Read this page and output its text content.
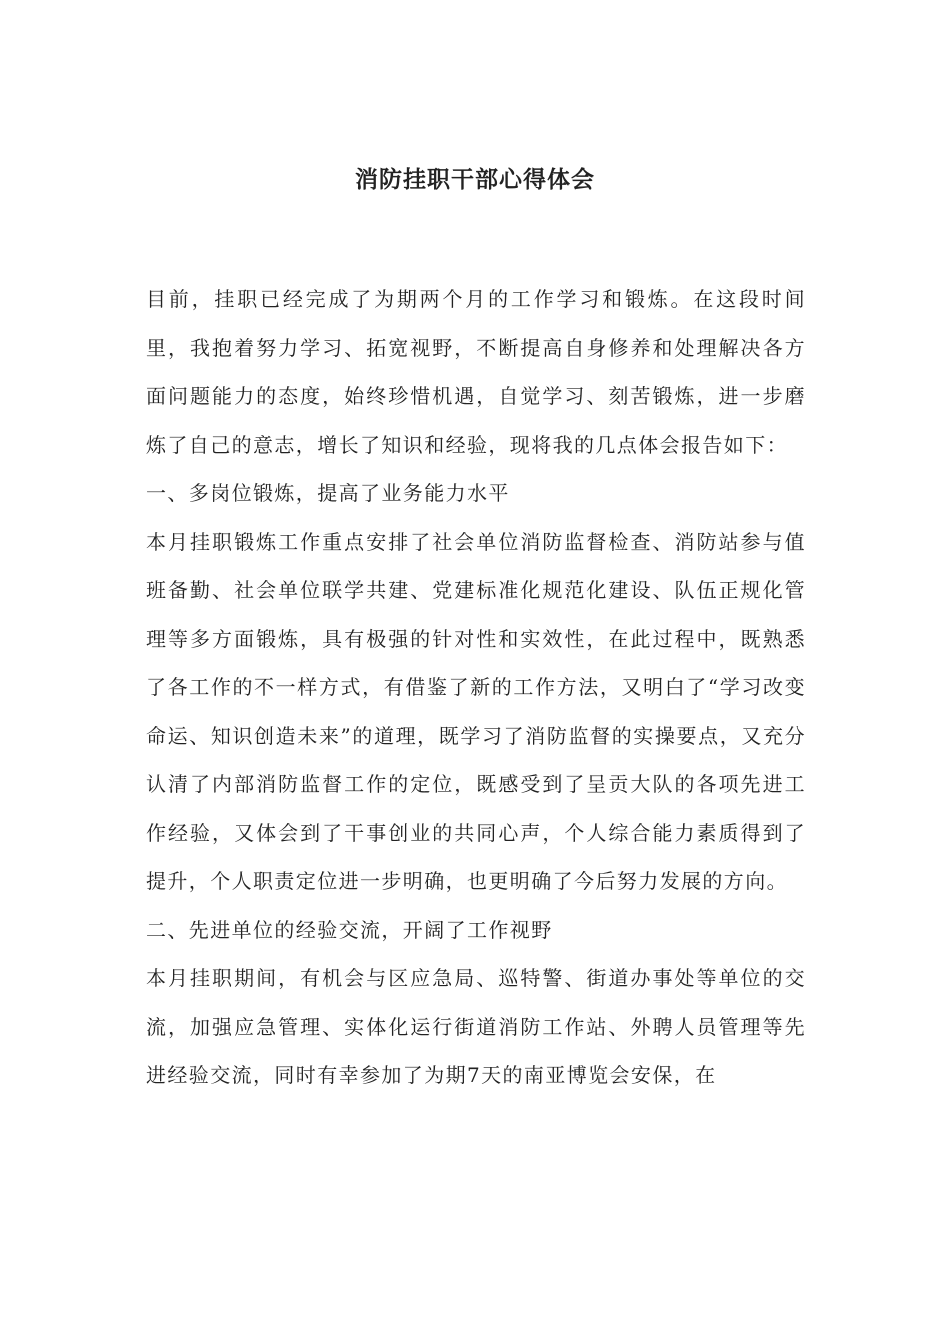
消防挂职干部心得体会

目前，挂职已经完成了为期两个月的工作学习和锻炼。在这段时间里，我抱着努力学习、拓宽视野，不断提高自身修养和处理解决各方面问题能力的态度，始终珍惜机遇，自觉学习、刻苦锻炼，进一步磨炼了自己的意志，增长了知识和经验，现将我的几点体会报告如下：

一、多岗位锻炼，提高了业务能力水平

本月挂职锻炼工作重点安排了社会单位消防监督检查、消防站参与值班备勤、社会单位联学共建、党建标准化规范化建设、队伍正规化管理等多方面锻炼，具有极强的针对性和实效性，在此过程中，既熟悉了各工作的不一样方式，有借鉴了新的工作方法，又明白了“学习改变命运、知识创造未来”的道理，既学习了消防监督的实操要点，又充分认清了内部消防监督工作的定位，既感受到了呈贡大队的各项先进工作经验，又体会到了干事创业的共同心声，个人综合能力素质得到了提升，个人职责定位进一步明确，也更明确了今后努力发展的方向。

二、先进单位的经验交流，开阔了工作视野

本月挂职期间，有机会与区应急局、巡特警、街道办事处等单位的交流，加强应急管理、实体化运行街道消防工作站、外聘人员管理等先进经验交流，同时有幸参加了为期7天的南亚博览会安保，在
